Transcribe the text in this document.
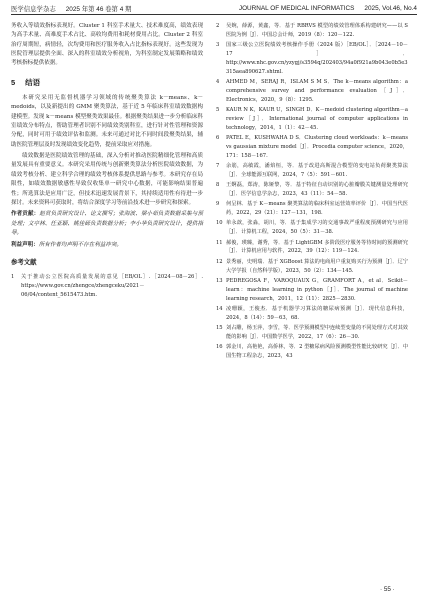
医学信息学杂志 2025 年第 46 卷第 4 期	JOURNAL OF MEDICAL INFORMATICS 2025, Vol.46, No.4

务收入等绩效指标表现好。Cluster 1 科室手术量大、技术难度高，绩效表现为高手术量、高难度手术占比、高收均费用和耗材费用占比。Cluster 2 科室治疗周期短，病情轻，次均费用和医疗服务收入占比指标表现好。这些发现为医院管理层提供全面、深入的科室绩效分析视角，为科室制定发展策略和绩效考核指标提供依据。

5 结语

本研究采用无监督机器学习领域的传统聚类算法 k－means、k－medoids，以及新提出的 GMM 聚类算法，基于近 5 年临床科室绩效数据构建模型。发现 k－means 模型聚类效果最佳。根据聚类结果进一步分析临床科室绩效分布特点，帮助管理者识别不同绩效类别科室，进行针对性管理和资源分配，同时可用于绩效评估和监测。未来可通过对比不同时间段聚类结果，辅助医院管理层及时发现绩效变化趋势，提前采取应对措施。

绩效数据是医院绩效管理的基础，深入分析对推动医院精细化管理和高质量发展具有重要意义。本研究采用传统与创新聚类算法分析医院绩效数据，为绩效考核分析、建立科学合理的绩效考核体系提供思路与参考。本研究存在局限性，如绩效数据敏感性导致仅收集单一研究中心数据，可能影响结果普遍性；所选算法是应用广泛，但技术迅速发展背景下，其持续适用性有待进一步探讨。未来资料可获取时，将结合深度学习等前沿技术进一步研究和探索。

作者贡献：赵赏负责研究设计、论文撰写；张海波、梁小茹负责数据采集与预处理；文亭林、任亚颖、姚佳砾负责数据分析；李小华负责研究设计，提供指导。

利益声明：所有作者均声明不存在利益冲突。

参考文献
1	关于推动公立医院高质量发展的意见［EB/OL］.［2024－08－26］. https://www.gov.cn/zhengce/zhengceku/2021－06/04/content_5615473.htm.
2	吴婉，薛源，黄鑫，等．基于 RBRVS 模型的绩效管理体系构建研究——以 S 医院为例［J］．中国总会计师，2019（8）：120－122.
3	国家三级公立医院绩效考核操作手册（2024 版）［EB/OL］．［2024－10－17］．http://www.nhc.gov.cn/yzygj/s3594q/202403/94a0f921a9b043e0b5e3315aea890627.shtml.
4	AHMED M，SERAJ R，ISLAM S M S．The k－means algorithm：a comprehensive survey and performance evaluation［J］．Electronics，2020，9（8）：1295.
5	KAUR N K，KAUR U，SINGH D．K－medoid clustering algorithm－a review［J］．International journal of computer applications in technology，2014，1（1）：42－45.
6	PATEL E，KUSHWAHA D S．Clustering cloud workloads：k－means vs gaussian mixture model［J］．Procedia computer science，2020，171：158－167.
7	余筋，高敏霞，潘焰桓，等．基于改进高斯混合模型的变电站负荷聚类算法［J］．全球能源互联网，2024，7（5）：591－601.
8	王婀磊，郑涛，陈娅黎，等．基于特征自动识别的心脏瓣膜关键测量处理研究［J］．医学信息学杂志，2023，43（11）：54－58.
9	何呈林．基于 K－means 聚类算法的临床科室运营效率评价［J］．中国当代医药，2022，29（21）：127－131，198.
10 单永歆，张淼，胡川，等．基于集成学习的交通事故严重程度预测研究与应用［J］．计算机工程，2024，50（5）：31－38.
11 郝俊，瑛臻，谢秀，等．基于 LightGBM 多阶段医疗服务等待时间的预测研究［J］．计算机应用与软件，2022，39（12）：119－124.
12 景秀丽，史明瑞．基于 XGBoost 算法的电商用户重复购买行为预测［J］．辽宁大学学报（自然科学版），2023，50（2）：134－145.
13 PEDREGOSA F，VAROQUAUX G，GRAMFORT A，et al．Scikit－learn：machine learning in python［J］．The journal of machine learning research，2011，12（11）：2825－2830.
14 凌珊颖，王俊杰．基于机器学习算法的糖尿病预测［J］．现代信息科技，2024，8（14）：59－63，68.
15 刘占雕，杨玉萍，李雪，等．医学预测模型中连续型变量的不同处理方式对其效能的影响［J］．中国数学医学，2022，17（6）：26－30.
16 郭金川，高艳艳，高侨林，等．2 型糖尿病风险预测模型性能比较研究［J］．中国生物工程杂志，2023，43
· 55 ·
